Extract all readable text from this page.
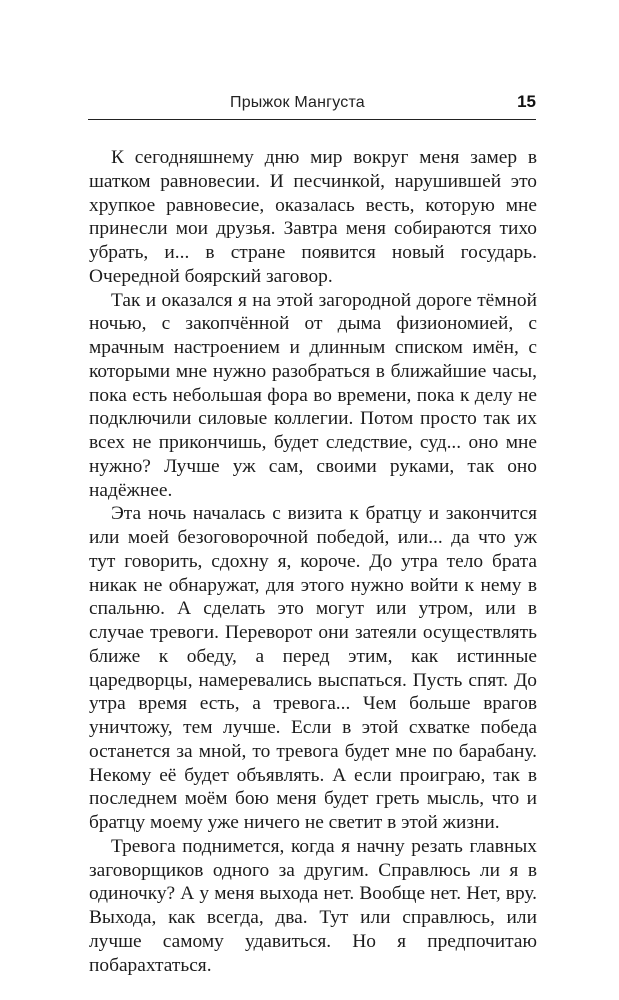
Прыжок Мангуста	15

К сегодняшнему дню мир вокруг меня замер в шатком равновесии. И песчинкой, нарушившей это хрупкое равновесие, оказалась весть, которую мне принесли мои друзья. Завтра меня собираются тихо убрать, и... в стране появится новый государь. Очередной боярский заговор.

Так и оказался я на этой загородной дороге тёмной ночью, с закопчённой от дыма физиономией, с мрачным настроением и длинным списком имён, с которыми мне нужно разобраться в ближайшие часы, пока есть небольшая фора во времени, пока к делу не подключили силовые коллегии. Потом просто так их всех не прикончишь, будет следствие, суд... оно мне нужно? Лучше уж сам, своими руками, так оно надёжнее.

Эта ночь началась с визита к братцу и закончится или моей безоговорочной победой, или... да что уж тут говорить, сдохну я, короче. До утра тело брата никак не обнаружат, для этого нужно войти к нему в спальню. А сделать это могут или утром, или в случае тревоги. Переворот они затеяли осуществлять ближе к обеду, а перед этим, как истинные царедворцы, намеревались выспаться. Пусть спят. До утра время есть, а тревога... Чем больше врагов уничтожу, тем лучше. Если в этой схватке победа останется за мной, то тревога будет мне по барабану. Некому её будет объявлять. А если проиграю, так в последнем моём бою меня будет греть мысль, что и братцу моему уже ничего не светит в этой жизни.

Тревога поднимется, когда я начну резать главных заговорщиков одного за другим. Справлюсь ли я в одиночку? А у меня выхода нет. Вообще нет. Нет, вру. Выхода, как всегда, два. Тут или справлюсь, или лучше самому удавиться. Но я предпочитаю побарахтаться.
